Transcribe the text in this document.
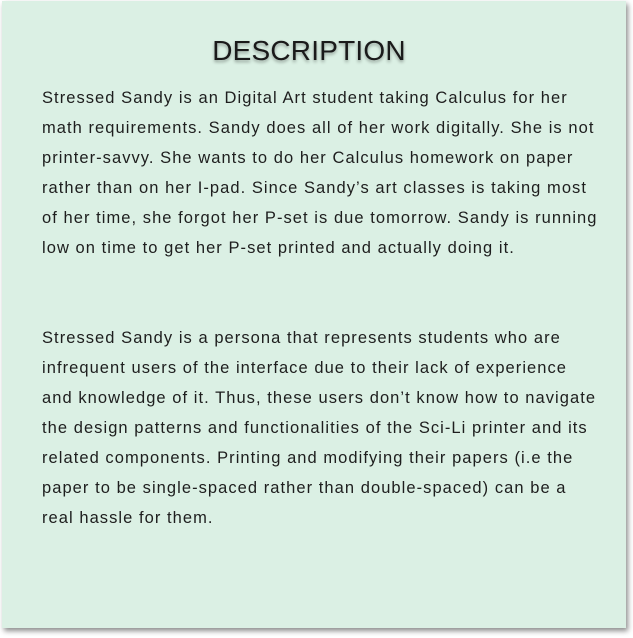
DESCRIPTION

Stressed Sandy is an Digital Art student taking Calculus for her math requirements. Sandy does all of her work digitally. She is not printer-savvy. She wants to do her Calculus homework on paper rather than on her I-pad. Since Sandy’s art classes is taking most of her time, she forgot her P-set is due tomorrow. Sandy is running low on time to get her P-set printed and actually doing it.

Stressed Sandy is a persona that represents students who are infrequent users of the interface due to their lack of experience and knowledge of it. Thus, these users don’t know how to navigate the design patterns and functionalities of the Sci-Li printer and its related components. Printing and modifying their papers (i.e the paper to be single-spaced rather than double-spaced) can be a real hassle for them.
